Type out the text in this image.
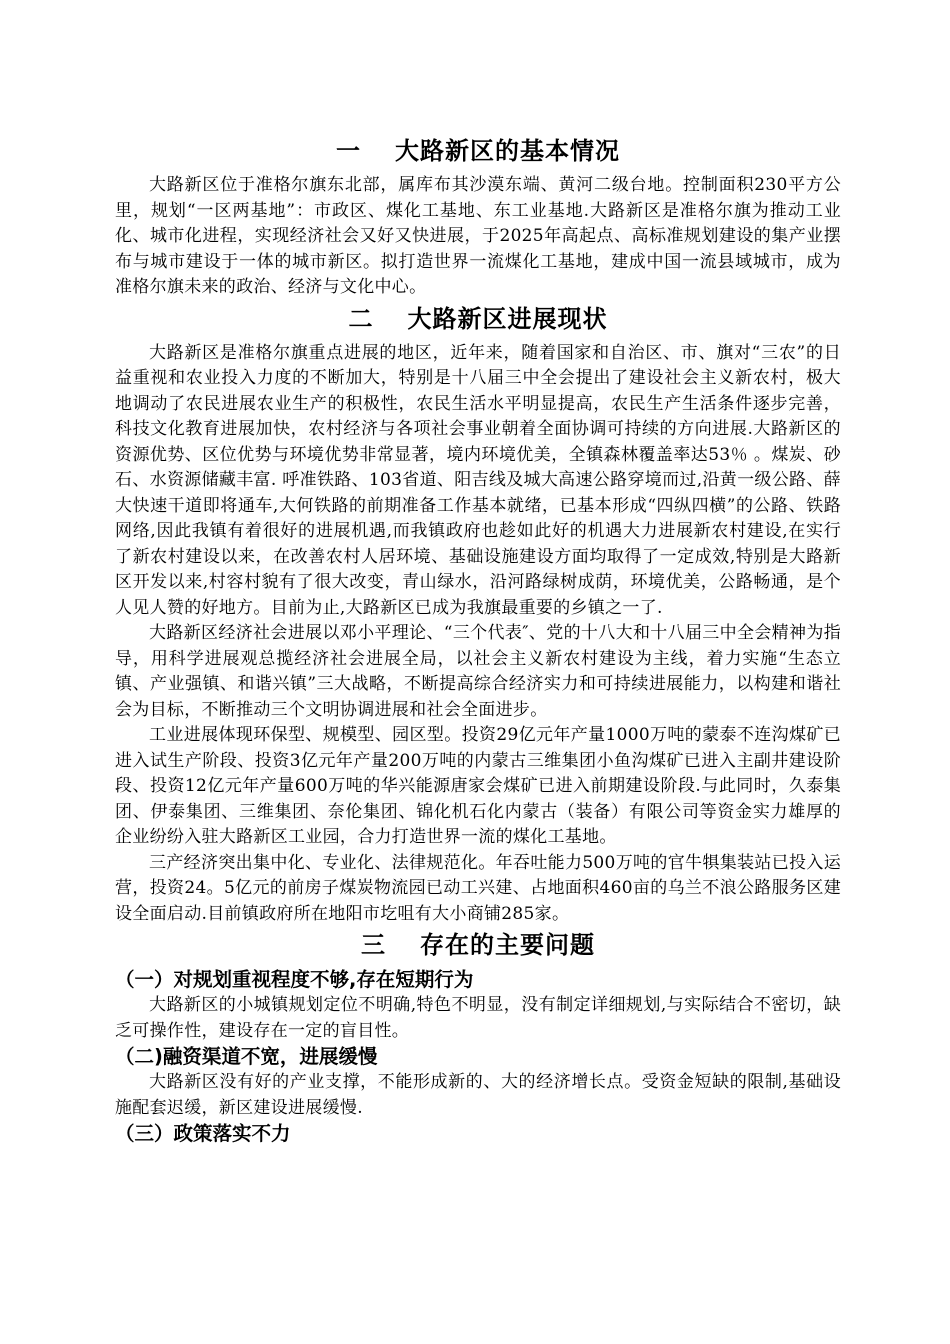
一 大路新区的基本情况

大路新区位于准格尔旗东北部，属库布其沙漠东端、黄河二级台地。控制面积230平方公里，规划“一区两基地”：市政区、煤化工基地、东工业基地.大路新区是准格尔旗为推动工业化、城市化进程，实现经济社会又好又快进展，于2025年高起点、高标准规划建设的集产业摆布与城市建设于一体的城市新区。拟打造世界一流煤化工基地，建成中国一流县域城市，成为准格尔旗未来的政治、经济与文化中心。

二 大路新区进展现状

大路新区是准格尔旗重点进展的地区，近年来，随着国家和自治区、市、旗对“三农”的日益重视和农业投入力度的不断加大，特别是十八届三中全会提出了建设社会主义新农村，极大地调动了农民进展农业生产的积极性，农民生活水平明显提高，农民生产生活条件逐步完善，科技文化教育进展加快，农村经济与各项社会事业朝着全面协调可持续的方向进展.大路新区的资源优势、区位优势与环境优势非常显著，境内环境优美，全镇森林覆盖率达53％ 。煤炭、砂石、水资源储藏丰富. 呼准铁路、103省道、阳吉线及城大高速公路穿境而过,沿黄一级公路、薛大快速干道即将通车,大何铁路的前期准备工作基本就绪，已基本形成“四纵四横”的公路、铁路网络,因此我镇有着很好的进展机遇,而我镇政府也趁如此好的机遇大力进展新农村建设,在实行了新农村建设以来，在改善农村人居环境、基础设施建设方面均取得了一定成效,特别是大路新区开发以来,村容村貌有了很大改变，青山绿水，沿河路绿树成荫，环境优美，公路畅通，是个人见人赞的好地方。目前为止,大路新区已成为我旗最重要的乡镇之一了.

大路新区经济社会进展以邓小平理论、“三个代表″、党的十八大和十八届三中全会精神为指导，用科学进展观总揽经济社会进展全局，以社会主义新农村建设为主线，着力实施“生态立镇、产业强镇、和谐兴镇”三大战略，不断提高综合经济实力和可持续进展能力，以构建和谐社会为目标，不断推动三个文明协调进展和社会全面进步。

工业进展体现环保型、规模型、园区型。投资29亿元年产量1000万吨的蒙泰不连沟煤矿已进入试生产阶段、投资3亿元年产量200万吨的内蒙古三维集团小鱼沟煤矿已进入主副井建设阶段、投资12亿元年产量600万吨的华兴能源唐家会煤矿已进入前期建设阶段.与此同时，久泰集团、伊泰集团、三维集团、奈伦集团、锦化机石化内蒙古（装备）有限公司等资金实力雄厚的企业纷纷入驻大路新区工业园，合力打造世界一流的煤化工基地。

三产经济突出集中化、专业化、法律规范化。年吞吐能力500万吨的官牛犋集装站已投入运营，投资24。5亿元的前房子煤炭物流园已动工兴建、占地面积460亩的乌兰不浪公路服务区建设全面启动.目前镇政府所在地阳市圪咀有大小商铺285家。

三 存在的主要问题
（一）对规划重视程度不够,存在短期行为

大路新区的小城镇规划定位不明确,特色不明显，没有制定详细规划,与实际结合不密切，缺乏可操作性，建设存在一定的盲目性。

（二)融资渠道不宽，进展缓慢

大路新区没有好的产业支撑，不能形成新的、大的经济增长点。受资金短缺的限制,基础设施配套迟缓，新区建设进展缓慢.

（三）政策落实不力
